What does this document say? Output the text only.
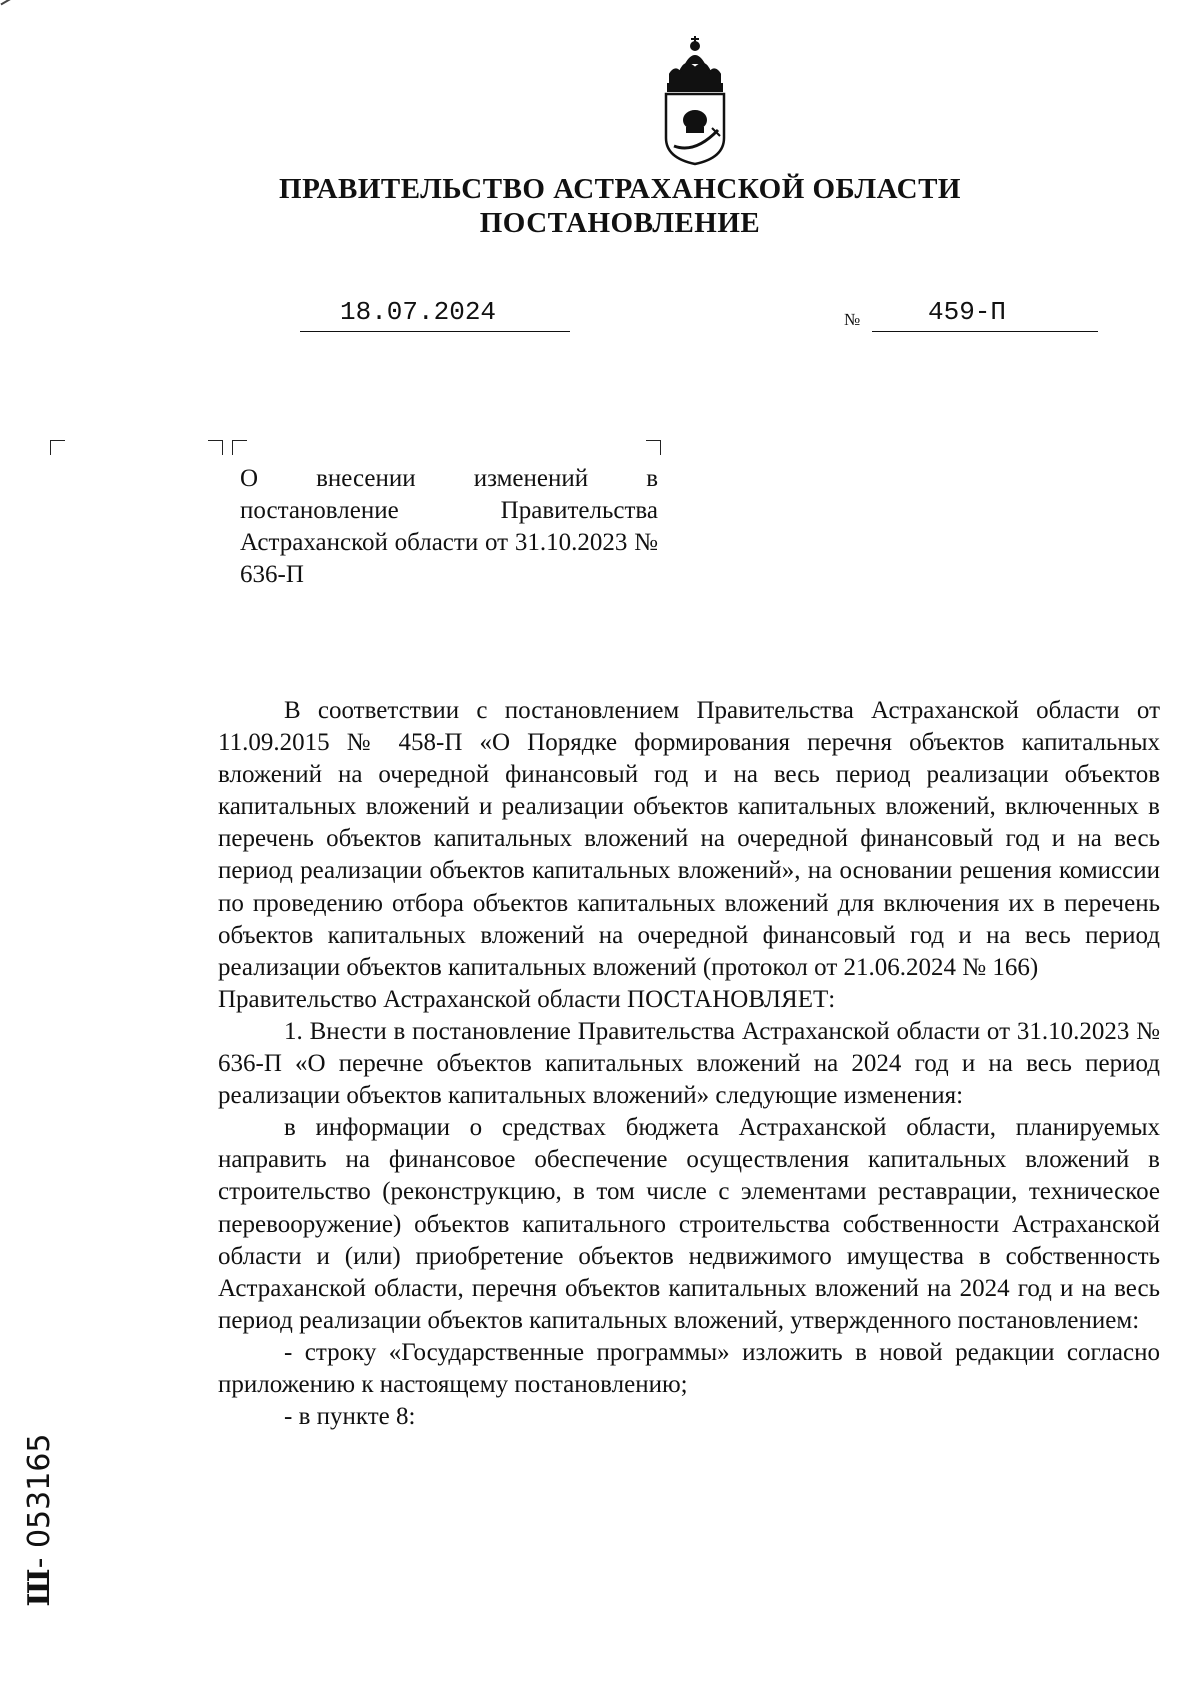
ПРАВИТЕЛЬСТВО АСТРАХАНСКОЙ ОБЛАСТИ
ПОСТАНОВЛЕНИЕ
18.07.2024	№	459-П

О внесении изменений в постановление Правительства Астраханской области от 31.10.2023 № 636-П

В соответствии с постановлением Правительства Астраханской области от 11.09.2015 № 458-П «О Порядке формирования перечня объектов капитальных вложений на очередной финансовый год и на весь период реализации объектов капитальных вложений и реализации объектов капитальных вложений, включенных в перечень объектов капитальных вложений на очередной финансовый год и на весь период реализации объектов капитальных вложений», на основании решения комиссии по проведению отбора объектов капитальных вложений для включения их в перечень объектов капитальных вложений на очередной финансовый год и на весь период реализации объектов капитальных вложений (протокол от 21.06.2024 № 166)

Правительство Астраханской области ПОСТАНОВЛЯЕТ:

1. Внести в постановление Правительства Астраханской области от 31.10.2023 № 636-П «О перечне объектов капитальных вложений на 2024 год и на весь период реализации объектов капитальных вложений» следующие изменения:

в информации о средствах бюджета Астраханской области, планируемых направить на финансовое обеспечение осуществления капитальных вложений в строительство (реконструкцию, в том числе с элементами реставрации, техническое перевооружение) объектов капитального строительства собственности Астраханской области и (или) приобретение объектов недвижимого имущества в собственность Астраханской области, перечня объектов капитальных вложений на 2024 год и на весь период реализации объектов капитальных вложений, утвержденного постановлением:

- строку «Государственные программы» изложить в новой редакции согласно приложению к настоящему постановлению;

- в пункте 8:

Ш- 053165
